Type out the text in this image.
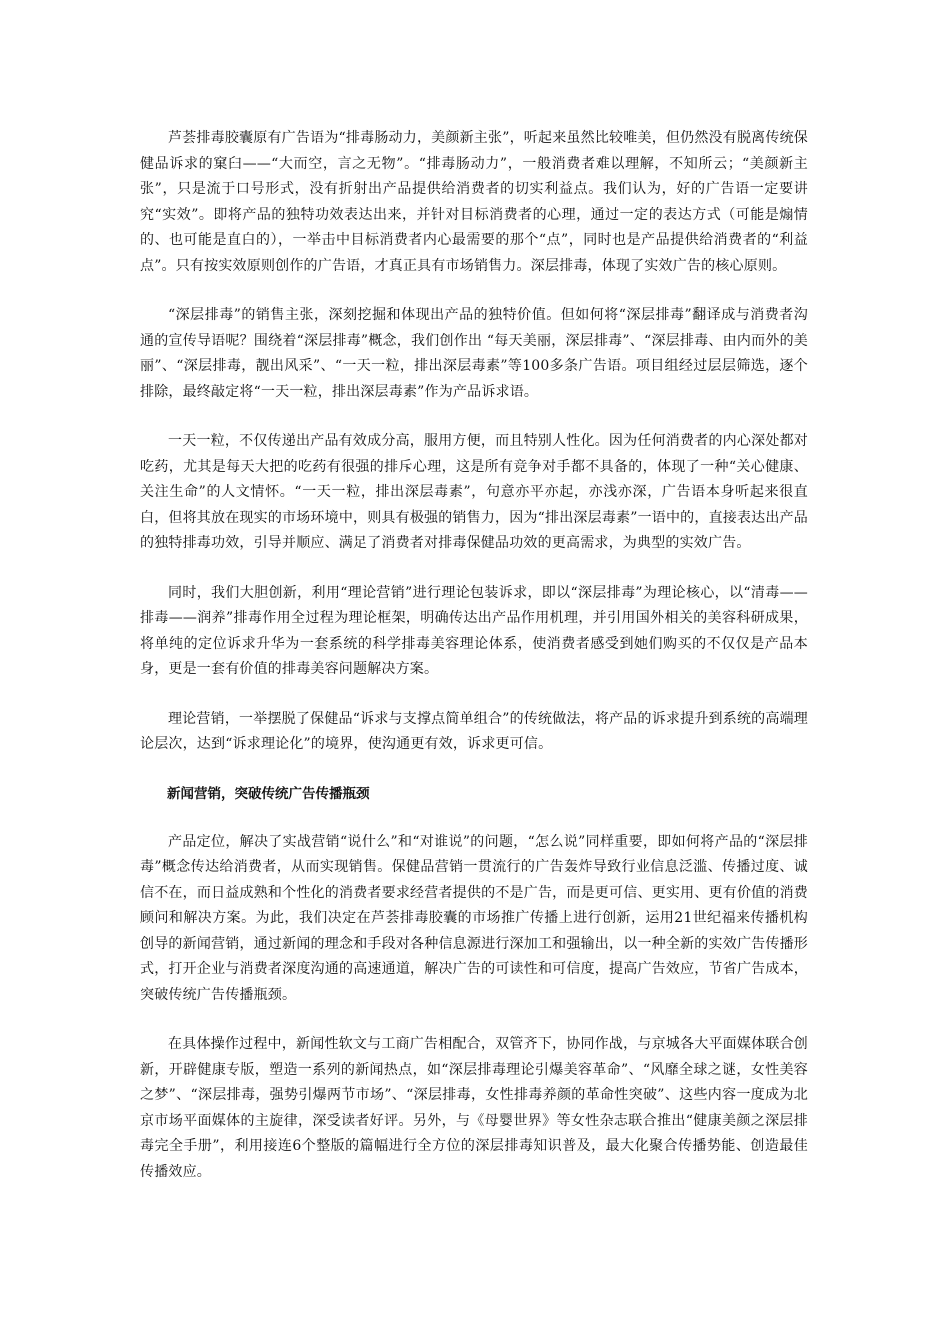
芦荟排毒胶囊原有广告语为“排毒肠动力，美颜新主张”，听起来虽然比较唯美，但仍然没有脱离传统保健品诉求的窠臼——“大而空，言之无物”。“排毒肠动力”，一般消费者难以理解，不知所云；“美颜新主张”，只是流于口号形式，没有折射出产品提供给消费者的切实利益点。我们认为，好的广告语一定要讲究“实效”。即将产品的独特功效表达出来，并针对目标消费者的心理，通过一定的表达方式（可能是煽情的、也可能是直白的），一举击中目标消费者内心最需要的那个“点”，同时也是产品提供给消费者的“利益点”。只有按实效原则创作的广告语，才真正具有市场销售力。深层排毒，体现了实效广告的核心原则。

“深层排毒”的销售主张，深刻挖掘和体现出产品的独特价值。但如何将“深层排毒”翻译成与消费者沟通的宣传导语呢？围绕着“深层排毒”概念，我们创作出 “每天美丽，深层排毒”、“深层排毒、由内而外的美丽”、“深层排毒，靓出风采”、“一天一粒，排出深层毒素”等100多条广告语。项目组经过层层筛选，逐个排除，最终敲定将“一天一粒，排出深层毒素”作为产品诉求语。

一天一粒，不仅传递出产品有效成分高，服用方便，而且特别人性化。因为任何消费者的内心深处都对吃药，尤其是每天大把的吃药有很强的排斥心理，这是所有竞争对手都不具备的，体现了一种“关心健康、关注生命”的人文情怀。“一天一粒，排出深层毒素”，句意亦平亦起，亦浅亦深，广告语本身听起来很直白，但将其放在现实的市场环境中，则具有极强的销售力，因为“排出深层毒素”一语中的，直接表达出产品的独特排毒功效，引导并顺应、满足了消费者对排毒保健品功效的更高需求，为典型的实效广告。

同时，我们大胆创新，利用“理论营销”进行理论包装诉求，即以“深层排毒”为理论核心，以“清毒——排毒——润养”排毒作用全过程为理论框架，明确传达出产品作用机理，并引用国外相关的美容科研成果，将单纯的定位诉求升华为一套系统的科学排毒美容理论体系，使消费者感受到她们购买的不仅仅是产品本身，更是一套有价值的排毒美容问题解决方案。

理论营销，一举摆脱了保健品“诉求与支撑点简单组合”的传统做法，将产品的诉求提升到系统的高端理论层次，达到“诉求理论化”的境界，使沟通更有效，诉求更可信。

新闻营销，突破传统广告传播瓶颈

产品定位，解决了实战营销“说什么”和“对谁说”的问题，“怎么说”同样重要，即如何将产品的“深层排毒”概念传达给消费者，从而实现销售。保健品营销一贯流行的广告轰炸导致行业信息泛滥、传播过度、诚信不在，而日益成熟和个性化的消费者要求经营者提供的不是广告，而是更可信、更实用、更有价值的消费顾问和解决方案。为此，我们决定在芦荟排毒胶囊的市场推广传播上进行创新，运用21世纪福来传播机构创导的新闻营销，通过新闻的理念和手段对各种信息源进行深加工和强输出，以一种全新的实效广告传播形式，打开企业与消费者深度沟通的高速通道，解决广告的可读性和可信度，提高广告效应，节省广告成本，突破传统广告传播瓶颈。

在具体操作过程中，新闻性软文与工商广告相配合，双管齐下，协同作战，与京城各大平面媒体联合创新，开辟健康专版，塑造一系列的新闻热点，如“深层排毒理论引爆美容革命”、“风靡全球之谜，女性美容之梦”、“深层排毒，强势引爆两节市场”、“深层排毒，女性排毒养颜的革命性突破”、这些内容一度成为北京市场平面媒体的主旋律，深受读者好评。另外，与《母婴世界》等女性杂志联合推出“健康美颜之深层排毒完全手册”，利用接连6个整版的篇幅进行全方位的深层排毒知识普及，最大化聚合传播势能、创造最佳传播效应。
